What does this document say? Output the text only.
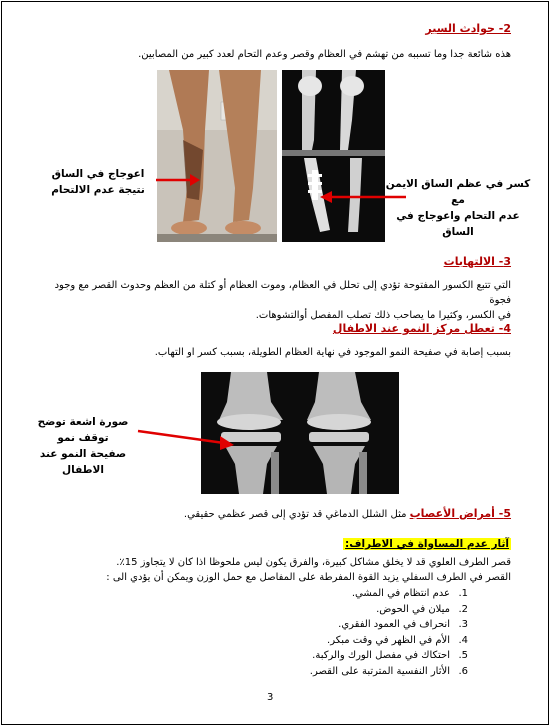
2- حوادث السير
هذه شائعة جدا وما تسببه من تهشم في العظام وقصر وعدم التحام لعدد كبير من المصابين.
اعوجاج في الساق
نتيجة عدم الالتحام	كسر في عظم الساق الايمن مع
عدم التحام واعوجاج في الساق
3- الالتهابات
التي تتبع الكسور المفتوحة تؤدي إلى تحلل في العظام، وموت العظام أو كتلة من العظم وحدوث القصر مع وجود فجوة
في الكسر، وكثيرا ما يصاحب ذلك تصلب المفصل أوالتشوهات.
4- تعطل مركز النمو عند الاطفال
بسبب إصابة في صفيحة النمو الموجود في نهاية العظام الطويلة، بسبب كسر او التهاب.
صورة اشعة توضح توقف نمو
صفيحة النمو عند الاطفال
5- أمراض الأعصاب مثل الشلل الدماغي قد تؤدي إلى قصر عظمي حقيقي.
آثار عدم المساواة في الاطراف:
قصر الطرف العلوي قد لا يخلق مشاكل كبيرة، والفرق يكون ليس ملحوظا اذا كان لا يتجاوز 15٪.
القصر في الطرف السفلي يزيد القوة المفرطة على المفاصل مع حمل الوزن ويمكن أن يؤدي الى :
1.عدم انتظام في المشي.
2.ميلان في الحوض.
3.انحراف في العمود الفقري.
4.الأم في الظهر في وقت مبكر.
5.احتكاك في مفصل الورك والركبة.
6.الأثار النفسية المترتبة على القصر.
3
